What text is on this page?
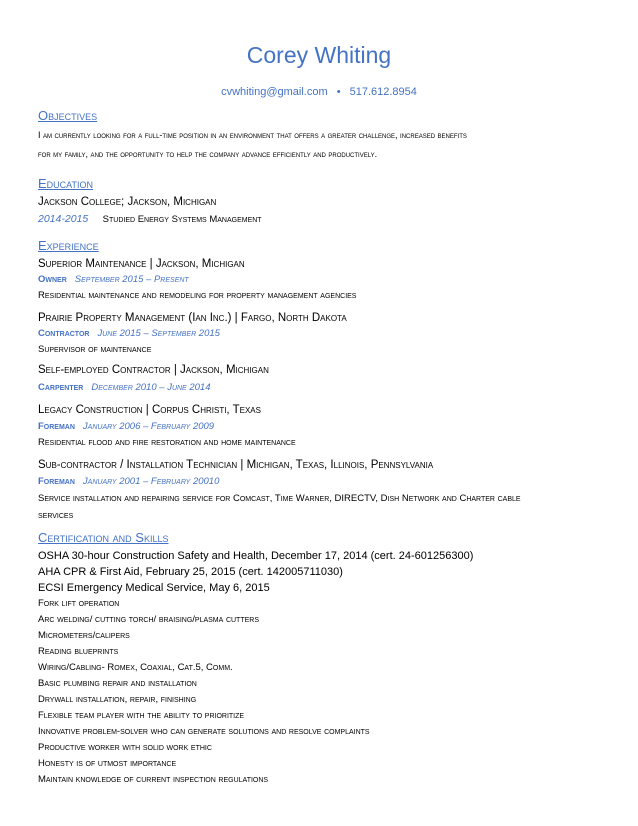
Corey Whiting
cvwhiting@gmail.com • 517.612.8954
Objectives
I am currently looking for a full-time position in an environment that offers a greater challenge, increased benefits
for my family, and the opportunity to help the company advance efficiently and productively.
Education
Jackson College; Jackson, Michigan
2014-2015 Studied Energy Systems Management
Experience
Superior Maintenance | Jackson, Michigan
Owner September 2015 – Present
Residential maintenance and remodeling for property management agencies
Prairie Property Management (Ian Inc.) | Fargo, North Dakota
Contractor June 2015 – September 2015
Supervisor of maintenance
Self-employed Contractor | Jackson, Michigan
Carpenter December 2010 – June 2014
Legacy Construction | Corpus Christi, Texas
Foreman January 2006 – February 2009
Residential flood and fire restoration and home maintenance
Sub-contractor / Installation Technician | Michigan, Texas, Illinois, Pennsylvania
Foreman January 2001 – February 20010
Service installation and repairing service for Comcast, Time Warner, DIRECTV, Dish Network and Charter cable
services
Certification and Skills
OSHA 30-hour Construction Safety and Health, December 17, 2014 (cert. 24-601256300)
AHA CPR & First Aid, February 25, 2015 (cert. 142005711030)
ECSI Emergency Medical Service, May 6, 2015
Fork lift operation
Arc welding/ cutting torch/ braising/plasma cutters
Micrometers/calipers
Reading blueprints
Wiring/Cabling- Romex, Coaxial, Cat.5, Comm.
Basic plumbing repair and installation
Drywall installation, repair, finishing
Flexible team player with the ability to prioritize
Innovative problem-solver who can generate solutions and resolve complaints
Productive worker with solid work ethic
Honesty is of utmost importance
Maintain knowledge of current inspection regulations
